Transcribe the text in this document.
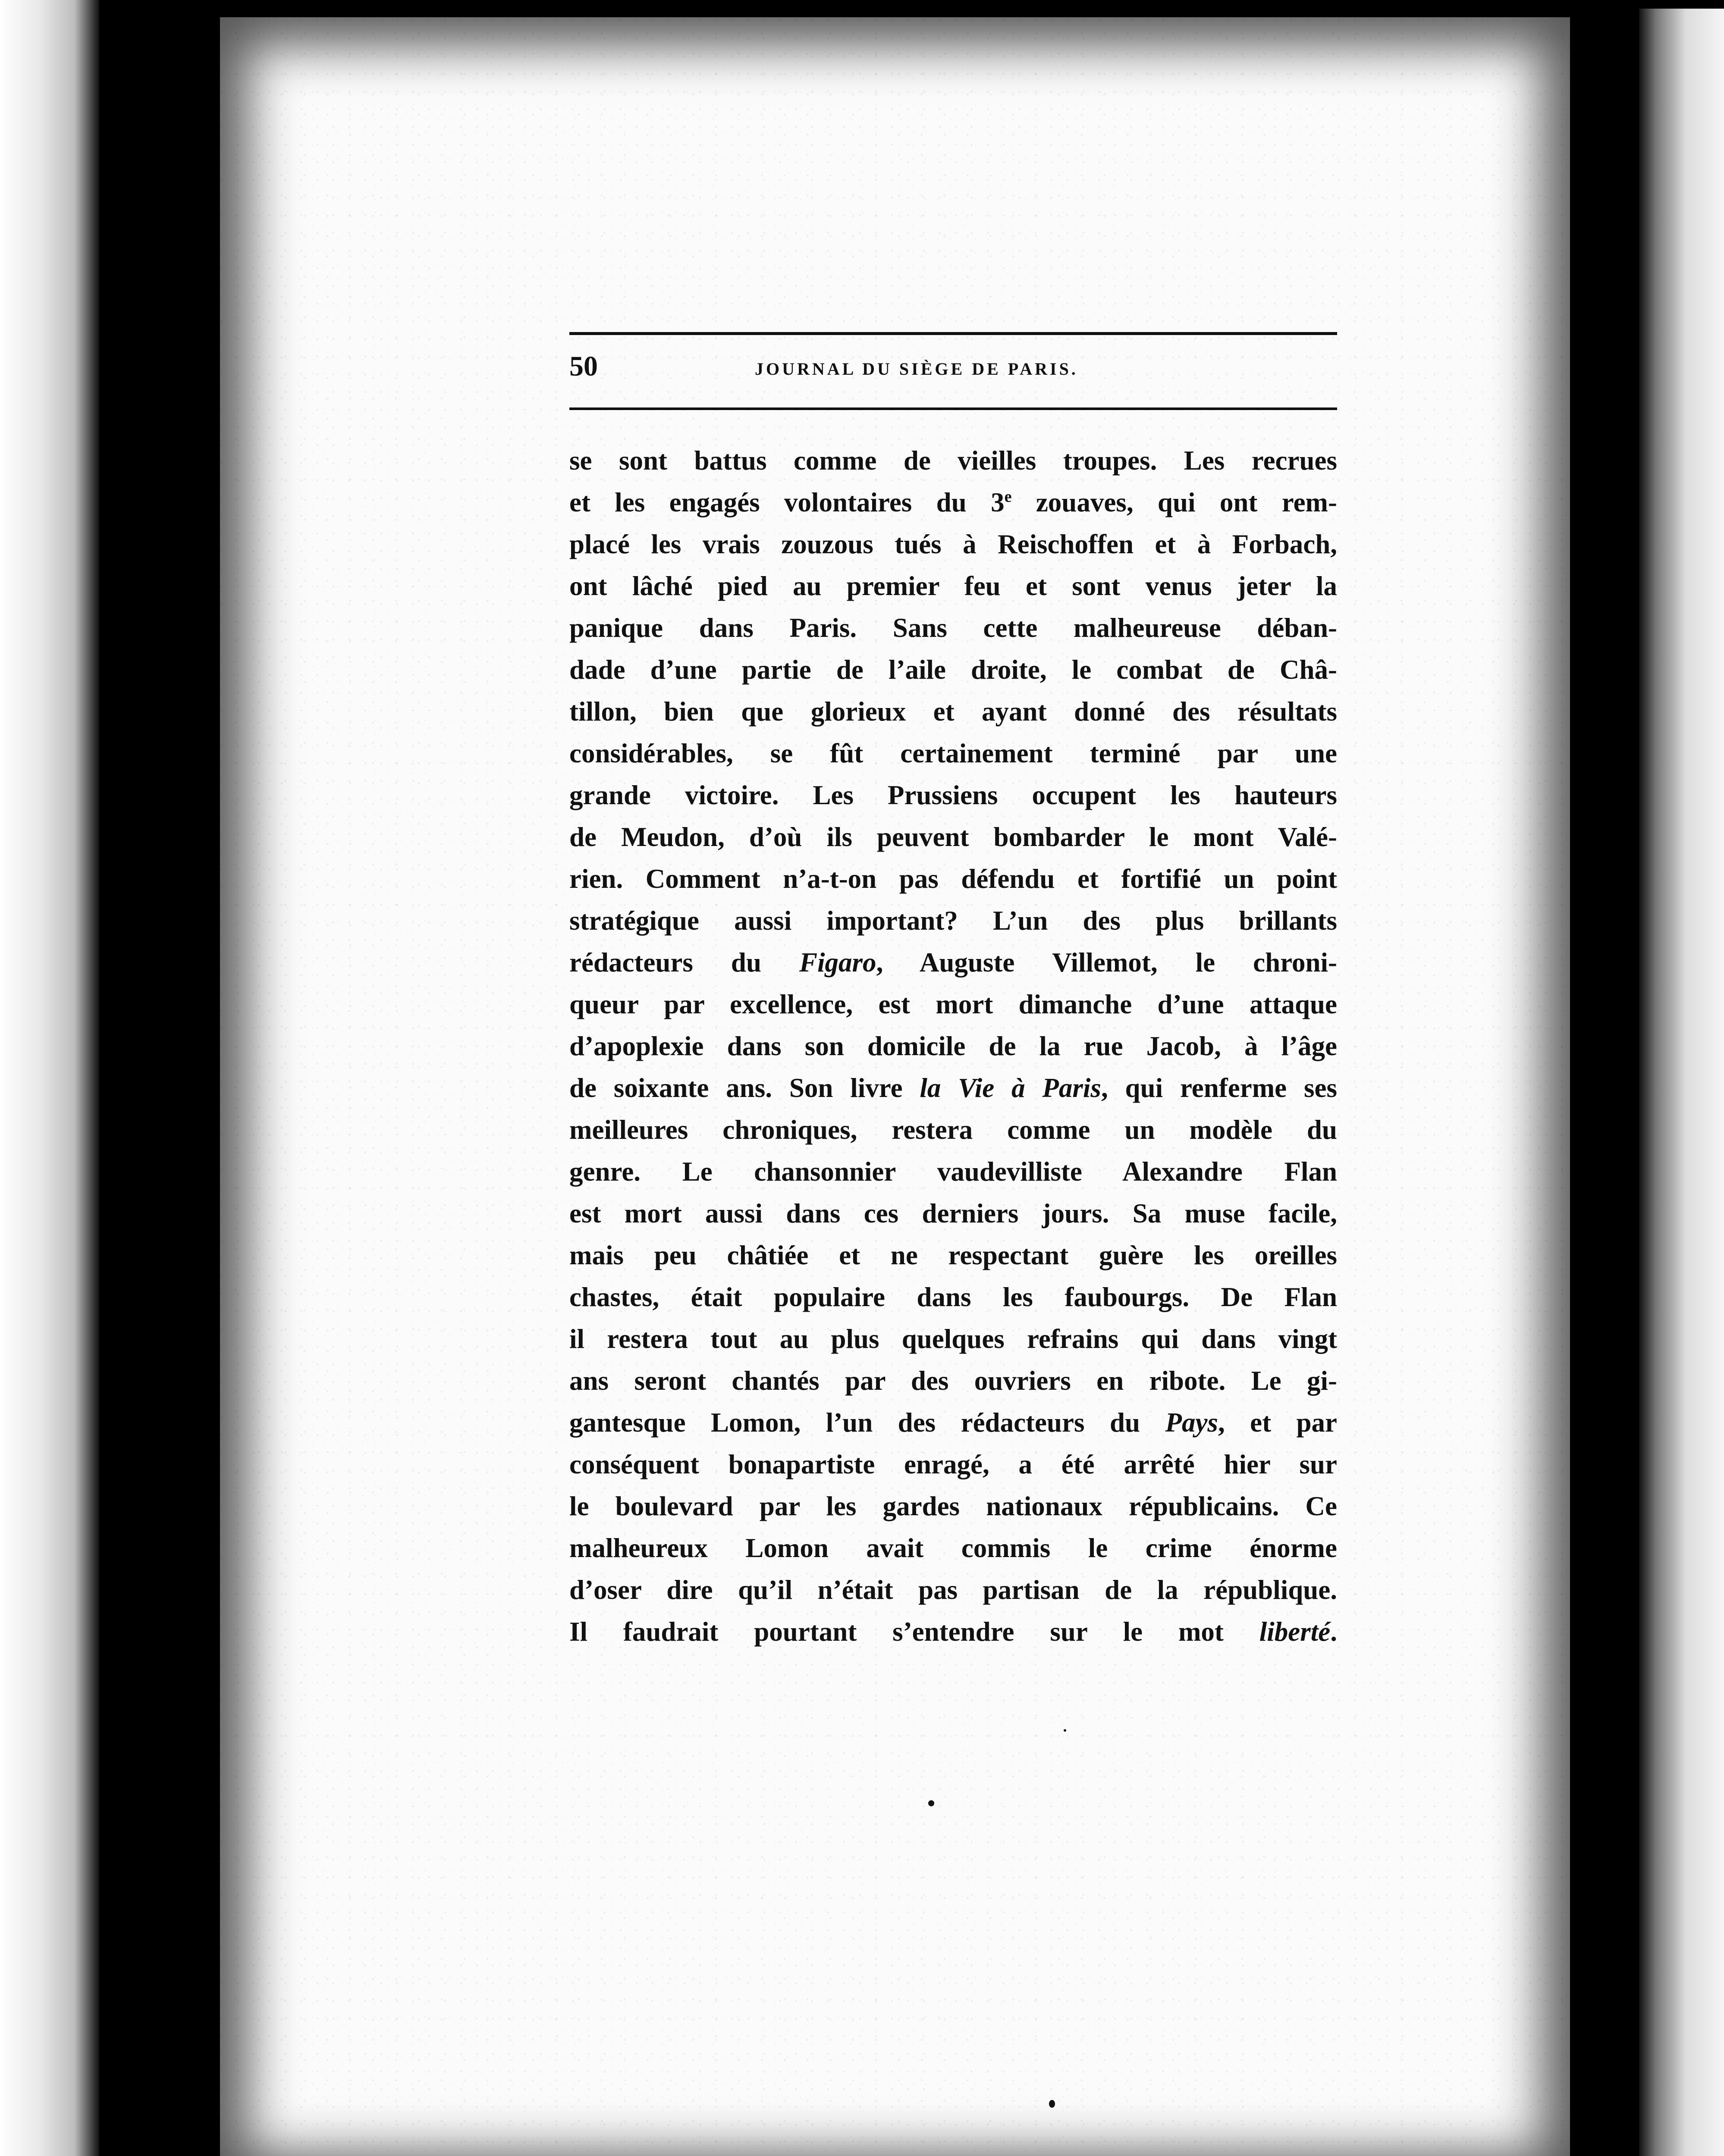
50	JOURNAL DU SIÈGE DE PARIS.
se sont battus comme de vieilles troupes. Les recrues
et les engagés volontaires du 3e zouaves, qui ont rem-
placé les vrais zouzous tués à Reischoffen et à Forbach,
ont lâché pied au premier feu et sont venus jeter la
panique dans Paris. Sans cette malheureuse déban-
dade d’une partie de l’aile droite, le combat de Châ-
tillon, bien que glorieux et ayant donné des résultats
considérables, se fût certainement terminé par une
grande victoire. Les Prussiens occupent les hauteurs
de Meudon, d’où ils peuvent bombarder le mont Valé-
rien. Comment n’a-t-on pas défendu et fortifié un point
stratégique aussi important? L’un des plus brillants
rédacteurs du Figaro, Auguste Villemot, le chroni-
queur par excellence, est mort dimanche d’une attaque
d’apoplexie dans son domicile de la rue Jacob, à l’âge
de soixante ans. Son livre la Vie à Paris, qui renferme ses
meilleures chroniques, restera comme un modèle du
genre. Le chansonnier vaudevilliste Alexandre Flan
est mort aussi dans ces derniers jours. Sa muse facile,
mais peu châtiée et ne respectant guère les oreilles
chastes, était populaire dans les faubourgs. De Flan
il restera tout au plus quelques refrains qui dans vingt
ans seront chantés par des ouvriers en ribote. Le gi-
gantesque Lomon, l’un des rédacteurs du Pays, et par
conséquent bonapartiste enragé, a été arrêté hier sur
le boulevard par les gardes nationaux républicains. Ce
malheureux Lomon avait commis le crime énorme
d’oser dire qu’il n’était pas partisan de la république.
Il faudrait pourtant s’entendre sur le mot liberté.
